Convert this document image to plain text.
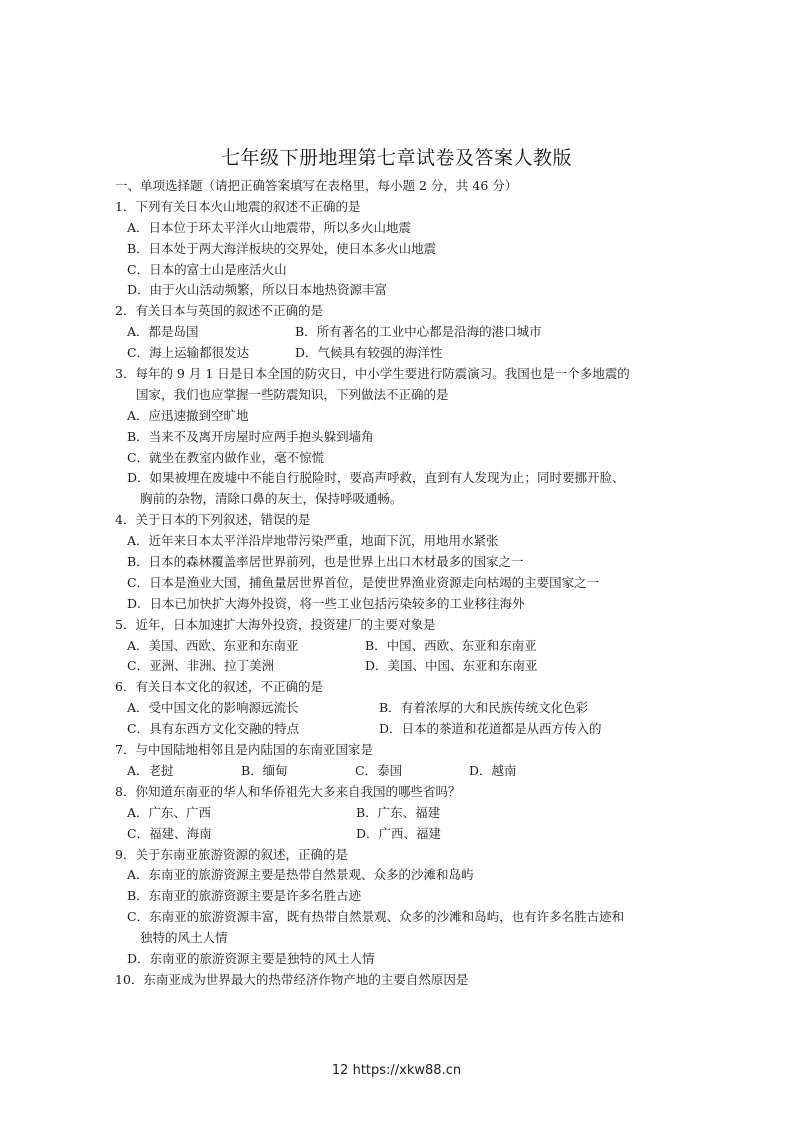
七年级下册地理第七章试卷及答案人教版
一、单项选择题（请把正确答案填写在表格里，每小题 2 分，共 46 分）
1．下列有关日本火山地震的叙述不正确的是
A．日本位于环太平洋火山地震带，所以多火山地震
B．日本处于两大海洋板块的交界处，使日本多火山地震
C．日本的富士山是座活火山
D．由于火山活动频繁，所以日本地热资源丰富
2．有关日本与英国的叙述不正确的是
A．都是岛国	B．所有著名的工业中心都是沿海的港口城市
C．海上运输都很发达	D．气候具有较强的海洋性
3．每年的 9 月 1 日是日本全国的防灾日，中小学生要进行防震演习。我国也是一个多地震的
国家，我们也应掌握一些防震知识，下列做法不正确的是
A．应迅速撤到空旷地
B．当来不及离开房屋时应两手抱头躲到墙角
C．就坐在教室内做作业，毫不惊慌
D．如果被埋在废墟中不能自行脱险时，要高声呼救，直到有人发现为止；同时要挪开脸、
胸前的杂物，清除口鼻的灰土，保持呼吸通畅。
4．关于日本的下列叙述，错误的是
A．近年来日本太平洋沿岸地带污染严重，地面下沉，用地用水紧张
B．日本的森林覆盖率居世界前列，也是世界上出口木材最多的国家之一
C．日本是渔业大国，捕鱼量居世界首位，是使世界渔业资源走向枯竭的主要国家之一
D．日本已加快扩大海外投资，将一些工业包括污染较多的工业移往海外
5．近年，日本加速扩大海外投资，投资建厂的主要对象是
A．美国、西欧、东亚和东南亚	B．中国、西欧、东亚和东南亚
C．亚洲、非洲、拉丁美洲	D．美国、中国、东亚和东南亚
6．有关日本文化的叙述，不正确的是
A．受中国文化的影响源远流长	B．有着浓厚的大和民族传统文化色彩
C．具有东西方文化交融的特点	D．日本的茶道和花道都是从西方传入的
7．与中国陆地相邻且是内陆国的东南亚国家是
A．老挝	B．缅甸	C．泰国	D．越南
8．你知道东南亚的华人和华侨祖先大多来自我国的哪些省吗？
A．广东、广西	B．广东、福建
C．福建、海南	D．广西、福建
9．关于东南亚旅游资源的叙述，正确的是
A．东南亚的旅游资源主要是热带自然景观、众多的沙滩和岛屿
B．东南亚的旅游资源主要是许多名胜古迹
C．东南亚的旅游资源丰富，既有热带自然景观、众多的沙滩和岛屿，也有许多名胜古迹和
独特的风土人情
D．东南亚的旅游资源主要是独特的风土人情
10．东南亚成为世界最大的热带经济作物产地的主要自然原因是
12 https://xkw88.cn
